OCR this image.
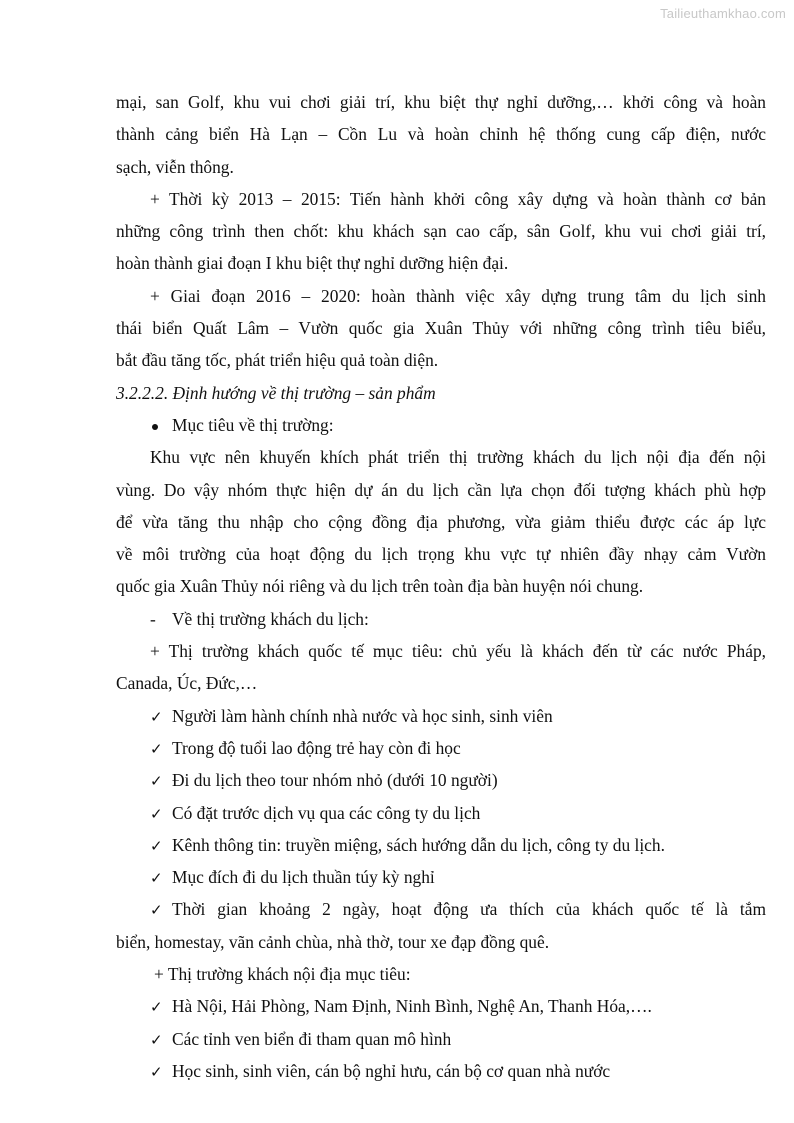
Tailieuthamkhao.com
mại, san Golf, khu vui chơi giải trí, khu biệt thự nghỉ dưỡng,… khởi công và hoàn
thành cảng biển Hà Lạn – Cồn Lu và hoàn chỉnh hệ thống cung cấp điện, nước
sạch, viễn thông.
+ Thời kỳ 2013 – 2015: Tiến hành khởi công xây dựng và hoàn thành cơ bản
những công trình then chốt: khu khách sạn cao cấp, sân Golf, khu vui chơi giải trí,
hoàn thành giai đoạn I khu biệt thự nghỉ dưỡng hiện đại.
+ Giai đoạn 2016 – 2020: hoàn thành việc xây dựng trung tâm du lịch sinh
thái biển Quất Lâm – Vườn quốc gia Xuân Thủy với những công trình tiêu biểu,
bắt đầu tăng tốc, phát triển hiệu quả toàn diện.
3.2.2.2. Định hướng về thị trường – sản phẩm
Mục tiêu về thị trường:
Khu vực nên khuyến khích phát triển thị trường khách du lịch nội địa đến nội
vùng. Do vậy nhóm thực hiện dự án du lịch cần lựa chọn đối tượng khách phù hợp
để vừa tăng thu nhập cho cộng đồng địa phương, vừa giảm thiểu được các áp lực
về môi trường của hoạt động du lịch trọng khu vực tự nhiên đầy nhạy cảm Vườn
quốc gia Xuân Thủy nói riêng và du lịch trên toàn địa bàn huyện nói chung.
- Về thị trường khách du lịch:
+ Thị trường khách quốc tế mục tiêu: chủ yếu là khách đến từ các nước Pháp,
Canada, Úc, Đức,…
✓ Người làm hành chính nhà nước và học sinh, sinh viên
✓ Trong độ tuổi lao động trẻ hay còn đi học
✓ Đi du lịch theo tour nhóm nhỏ (dưới 10 người)
✓ Có đặt trước dịch vụ qua các công ty du lịch
✓ Kênh thông tin: truyền miệng, sách hướng dẫn du lịch, công ty du lịch.
✓ Mục đích đi du lịch thuần túy kỳ nghỉ
✓ Thời gian khoảng 2 ngày, hoạt động ưa thích của khách quốc tế là tắm
biển, homestay, vãn cảnh chùa, nhà thờ, tour xe đạp đồng quê.
+ Thị trường khách nội địa mục tiêu:
✓ Hà Nội, Hải Phòng, Nam Định, Ninh Bình, Nghệ An, Thanh Hóa,….
✓ Các tỉnh ven biển đi tham quan mô hình
✓ Học sinh, sinh viên, cán bộ nghỉ hưu, cán bộ cơ quan nhà nước
